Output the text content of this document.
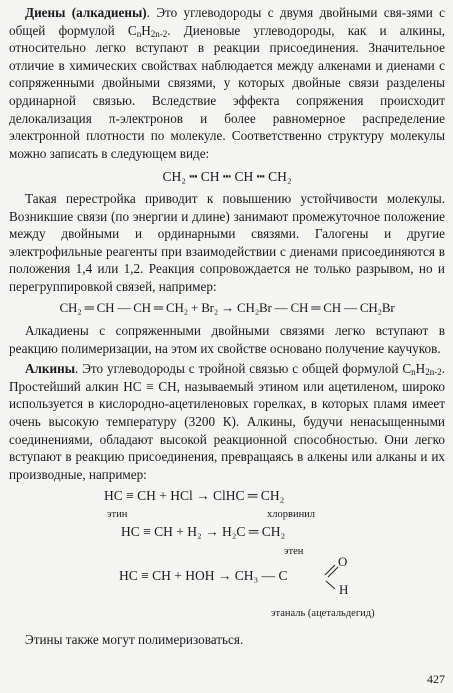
Диены (алкадиены). Это углеводороды с двумя двойными свя-зями с общей формулой $C_nH_{2n-2}$. Диеновые углеводороды, как и алкины, относительно легко вступают в реакции присоединения. Значительное отличие в химических свойствах наблюдается между алкенами и диенами с сопряженными двойными связями, у которых двойные связи разделены ординарной связью. Вследствие эффекта сопряжения происходит делокализация π-электронов и более равномерное распределение электронной плотности по молекуле. Соответственно структуру молекулы можно записать в следующем виде:

CH₂ ┅ CH ┅ CH ┅ CH₂

Такая перестройка приводит к повышению устойчивости молекулы. Возникшие связи (по энергии и длине) занимают промежуточное положение между двойными и ординарными связями. Галогены и другие электрофильные реагенты при взаимодействии с диенами присоединяются в положения 1,4 или 1,2. Реакция сопровождается не только разрывом, но и перегруппировкой связей, например:

CH₂ ═ CH — CH ═ CH₂ + Br₂ → CH₂Br — CH ═ CH — CH₂Br

Алкадиены с сопряженными двойными связями легко вступают в реакцию полимеризации, на этом их свойстве основано получение каучуков.

Алкины. Это углеводороды с тройной связью с общей формулой $C_nH_{2n-2}$. Простейший алкин HC ≡ CH, называемый этином или ацетиленом, широко используется в кислородно-ацетиленовых горелках, в которых пламя имеет очень высокую температуру (3200 К). Алкины, будучи ненасыщенными соединениями, обладают высокой реакционной способностью. Они легко вступают в реакцию присоединения, превращаясь в алкены или алканы и их производные, например:

HC ≡ CH + HCl → ClHC ═ CH₂
этин	хлорвинил
HC ≡ CH + H₂ → H₂C ═ CH₂
этен
HC ≡ CH + HOH → CH₃ — C
O
H
этаналь (ацетальдегид)

Этины также могут полимеризоваться.

427
